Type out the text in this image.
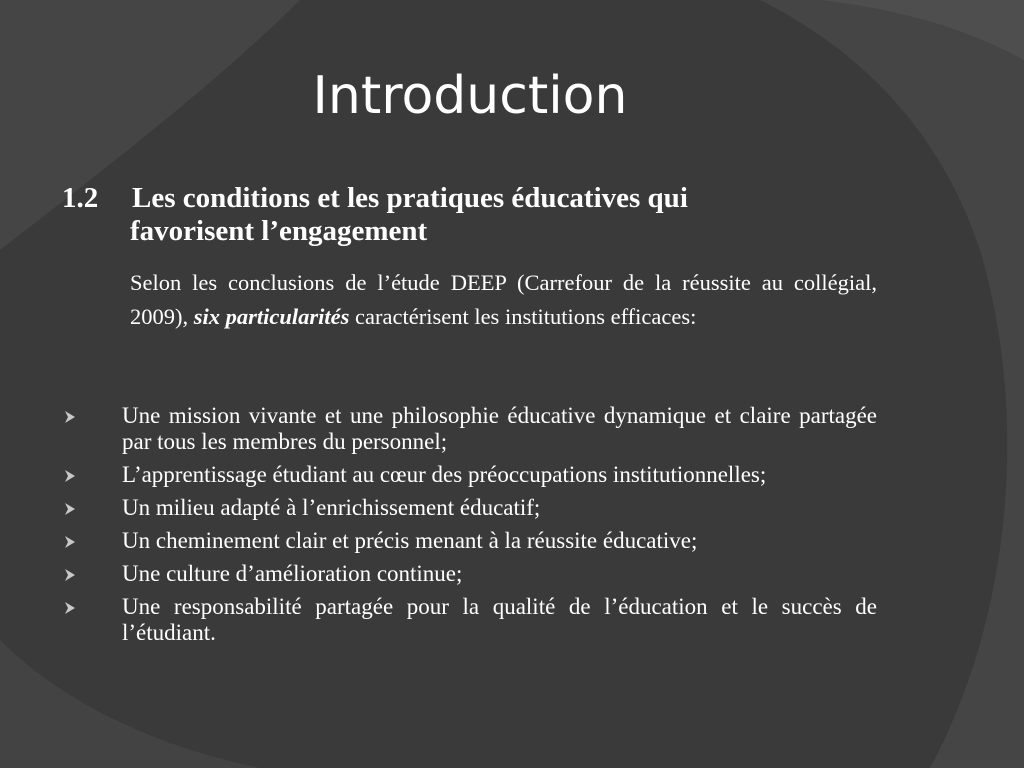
Introduction
1.2 Les conditions et les pratiques éducatives qui
favorisent l’engagement
Selon les conclusions de l’étude DEEP (Carrefour de la réussite au collégial, 2009), six particularités caractérisent les institutions efficaces:
Une mission vivante et une philosophie éducative dynamique et claire partagée par tous les membres du personnel;
L’apprentissage étudiant au cœur des préoccupations institutionnelles;
Un milieu adapté à l’enrichissement éducatif;
Un cheminement clair et précis menant à la réussite éducative;
Une culture d’amélioration continue;
Une responsabilité partagée pour la qualité de l’éducation et le succès de l’étudiant.
